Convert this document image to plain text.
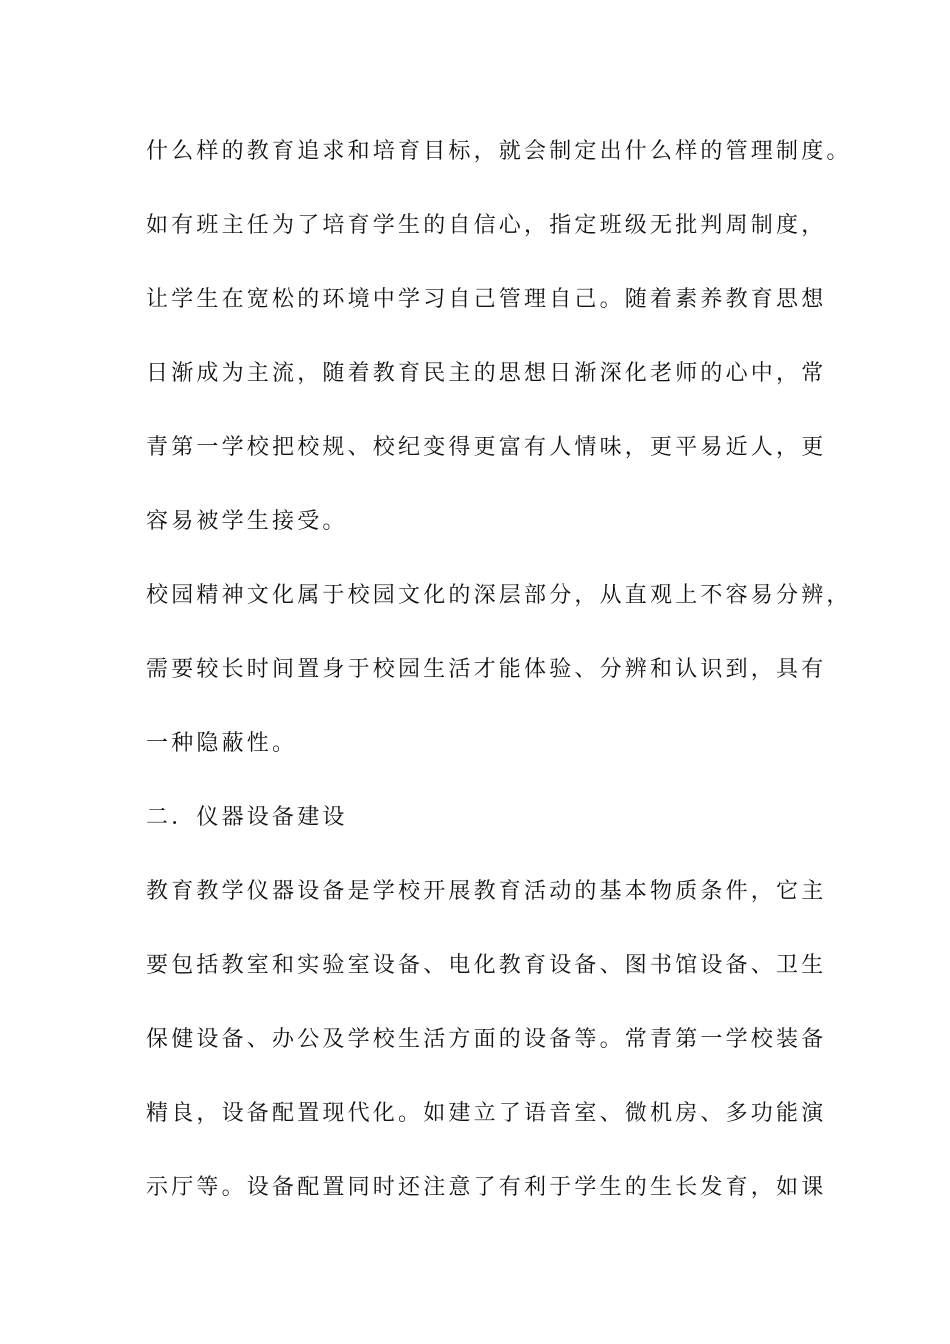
什么样的教育追求和培育目标，就会制定出什么样的管理制度。
如有班主任为了培育学生的自信心，指定班级无批判周制度，
让学生在宽松的环境中学习自己管理自己。随着素养教育思想
日渐成为主流，随着教育民主的思想日渐深化老师的心中，常
青第一学校把校规、校纪变得更富有人情味，更平易近人，更
容易被学生接受。
校园精神文化属于校园文化的深层部分，从直观上不容易分辨，
需要较长时间置身于校园生活才能体验、分辨和认识到，具有
一种隐蔽性。
二．仪器设备建设
教育教学仪器设备是学校开展教育活动的基本物质条件，它主
要包括教室和实验室设备、电化教育设备、图书馆设备、卫生
保健设备、办公及学校生活方面的设备等。常青第一学校装备
精良，设备配置现代化。如建立了语音室、微机房、多功能演
示厅等。设备配置同时还注意了有利于学生的生长发育，如课
